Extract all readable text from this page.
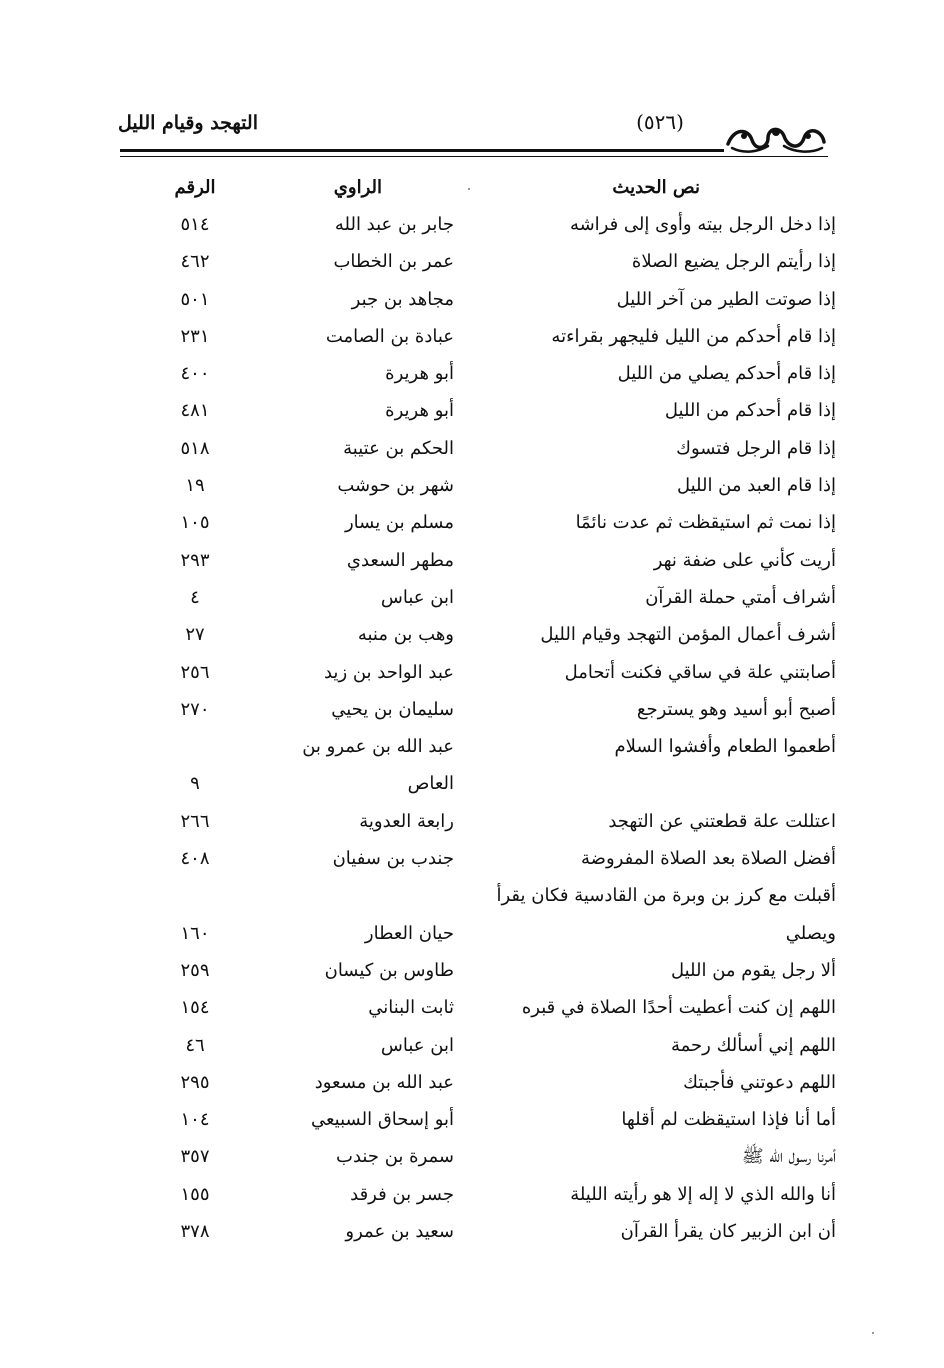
التهجد وقيام الليل	(٥٢٦)
نص الحديث
الراوي
الرقم
إذا دخل الرجل بيته وأوى إلى فراشه
جابر بن عبد الله
٥١٤
إذا رأيتم الرجل يضيع الصلاة
عمر بن الخطاب
٤٦٢
إذا صوتت الطير من آخر الليل
مجاهد بن جبر
٥٠١
إذا قام أحدكم من الليل فليجهر بقراءته
عبادة بن الصامت
٢٣١
إذا قام أحدكم يصلي من الليل
أبو هريرة
٤٠٠
إذا قام أحدكم من الليل
أبو هريرة
٤٨١
إذا قام الرجل فتسوك
الحكم بن عتيبة
٥١٨
إذا قام العبد من الليل
شهر بن حوشب
١٩
إذا نمت ثم استيقظت ثم عدت نائمًا
مسلم بن يسار
١٠٥
أريت كأني على ضفة نهر
مطهر السعدي
٢٩٣
أشراف أمتي حملة القرآن
ابن عباس
٤
أشرف أعمال المؤمن التهجد وقيام الليل
وهب بن منبه
٢٧
أصابتني علة في ساقي فكنت أتحامل
عبد الواحد بن زيد
٢٥٦
أصبح أبو أسيد وهو يسترجع
سليمان بن يحيي
٢٧٠
أطعموا الطعام وأفشوا السلام
عبد الله بن عمرو بن
العاص
٩
اعتللت علة قطعتني عن التهجد
رابعة العدوية
٢٦٦
أفضل الصلاة بعد الصلاة المفروضة
جندب بن سفيان
٤٠٨
أقبلت مع كرز بن وبرة من القادسية فكان يقرأ
ويصلي
حيان العطار
١٦٠
ألا رجل يقوم من الليل
طاوس بن كيسان
٢٥٩
اللهم إن كنت أعطيت أحدًا الصلاة في قبره
ثابت البناني
١٥٤
اللهم إني أسألك رحمة
ابن عباس
٤٦
اللهم دعوتني فأجبتك
عبد الله بن مسعود
٢٩٥
أما أنا فإذا استيقظت لم أقلها
أبو إسحاق السبيعي
١٠٤
أمرنا رسول الله ﷺ
سمرة بن جندب
٣٥٧
أنا والله الذي لا إله إلا هو رأيته الليلة
جسر بن فرقد
١٥٥
أن ابن الزبير كان يقرأ القرآن
سعيد بن عمرو
٣٧٨
